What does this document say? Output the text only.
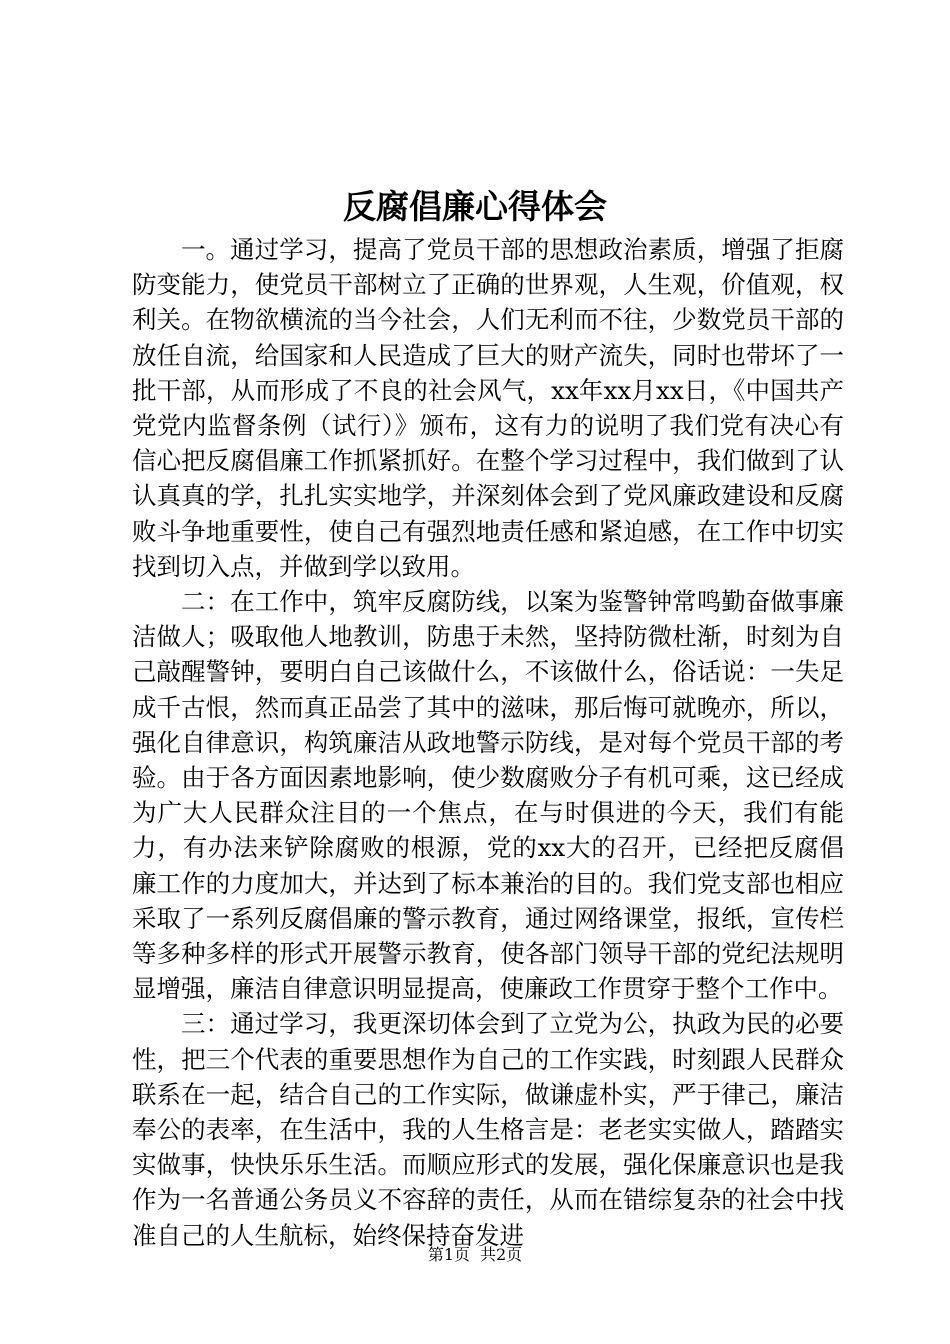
反腐倡廉心得体会

一。通过学习，提高了党员干部的思想政治素质，增强了拒腐防变能力，使党员干部树立了正确的世界观，人生观，价值观，权利关。在物欲横流的当今社会，人们无利而不往，少数党员干部的放任自流，给国家和人民造成了巨大的财产流失，同时也带坏了一批干部，从而形成了不良的社会风气，xx年xx月xx日，《中国共产党党内监督条例（试行）》颁布，这有力的说明了我们党有决心有信心把反腐倡廉工作抓紧抓好。在整个学习过程中，我们做到了认认真真的学，扎扎实实地学，并深刻体会到了党风廉政建设和反腐败斗争地重要性，使自己有强烈地责任感和紧迫感，在工作中切实找到切入点，并做到学以致用。

二：在工作中，筑牢反腐防线，以案为鉴警钟常鸣勤奋做事廉洁做人；吸取他人地教训，防患于未然，坚持防微杜渐，时刻为自己敲醒警钟，要明白自己该做什么，不该做什么，俗话说：一失足成千古恨，然而真正品尝了其中的滋味，那后悔可就晚亦，所以，强化自律意识，构筑廉洁从政地警示防线，是对每个党员干部的考验。由于各方面因素地影响，使少数腐败分子有机可乘，这已经成为广大人民群众注目的一个焦点，在与时俱进的今天，我们有能力，有办法来铲除腐败的根源，党的xx大的召开，已经把反腐倡廉工作的力度加大，并达到了标本兼治的目的。我们党支部也相应采取了一系列反腐倡廉的警示教育，通过网络课堂，报纸，宣传栏等多种多样的形式开展警示教育，使各部门领导干部的党纪法规明显增强，廉洁自律意识明显提高，使廉政工作贯穿于整个工作中。

三：通过学习，我更深切体会到了立党为公，执政为民的必要性，把三个代表的重要思想作为自己的工作实践，时刻跟人民群众联系在一起，结合自己的工作实际，做谦虚朴实，严于律己，廉洁奉公的表率，在生活中，我的人生格言是：老老实实做人，踏踏实实做事，快快乐乐生活。而顺应形式的发展，强化保廉意识也是我作为一名普通公务员义不容辞的责任，从而在错综复杂的社会中找准自己的人生航标，始终保持奋发进

第1页 共2页
